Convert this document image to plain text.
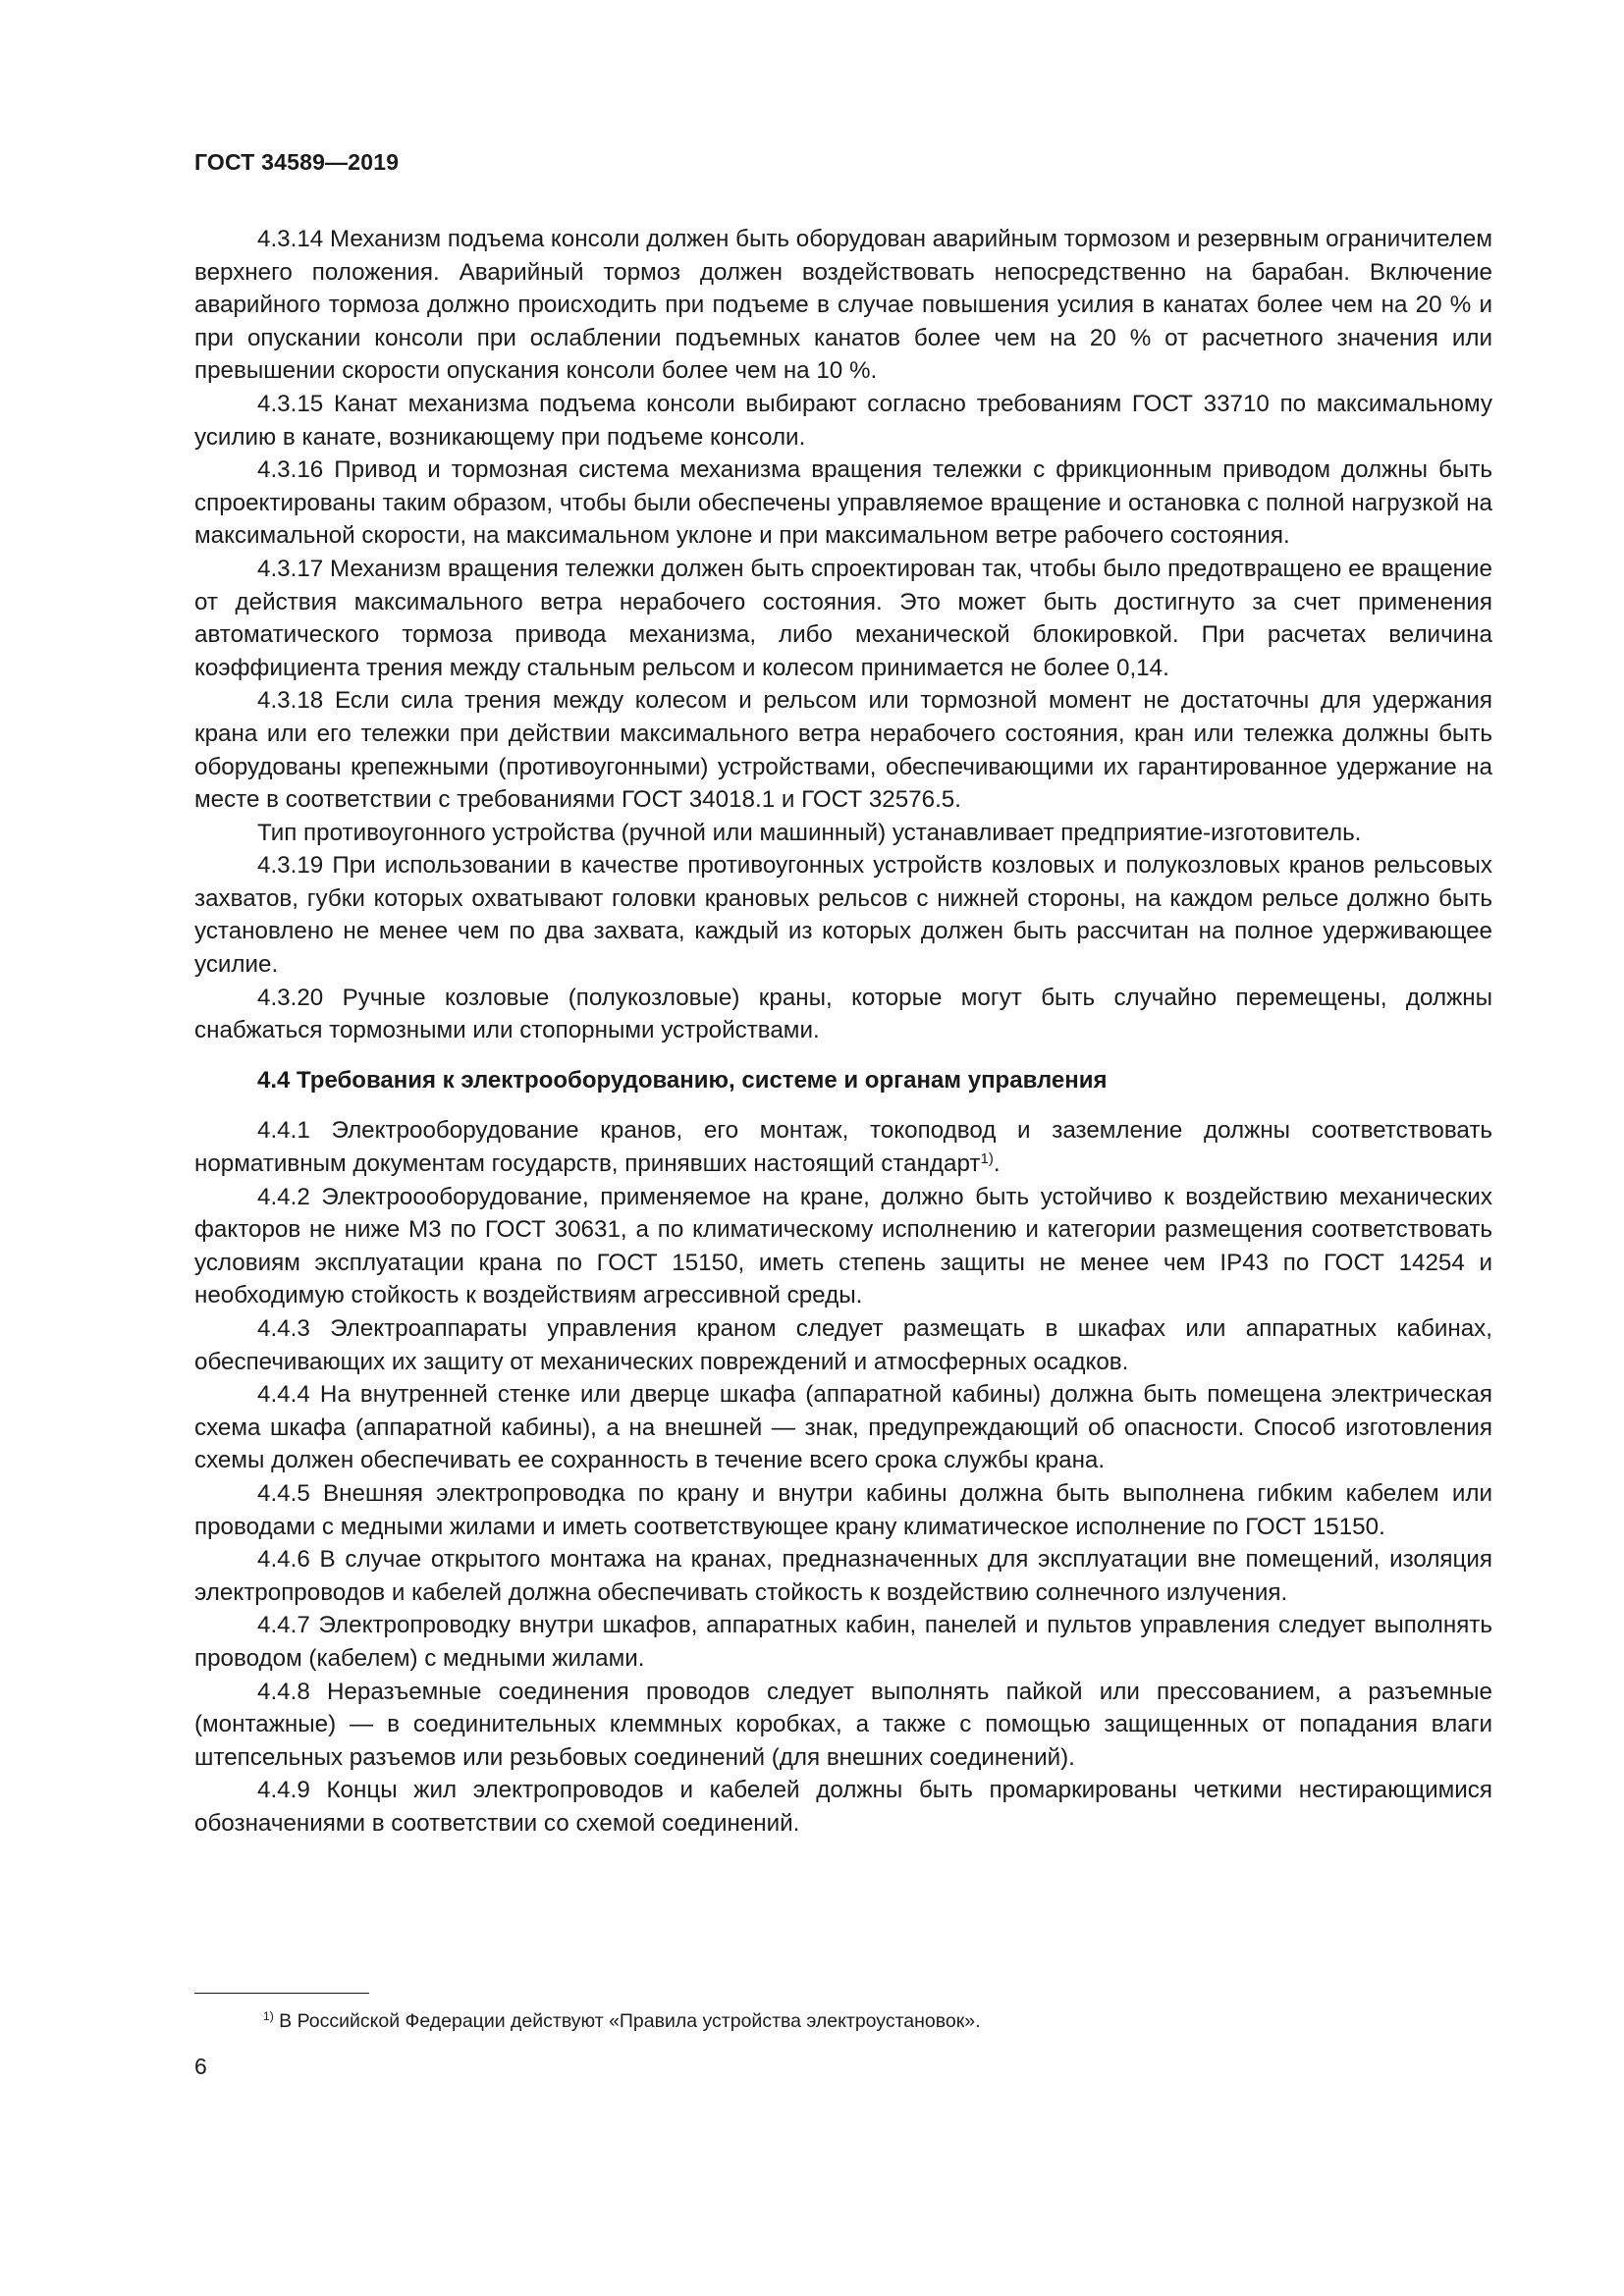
ГОСТ 34589—2019

4.3.14 Механизм подъема консоли должен быть оборудован аварийным тормозом и резервным ограничителем верхнего положения. Аварийный тормоз должен воздействовать непосредственно на барабан. Включение аварийного тормоза должно происходить при подъеме в случае повышения усилия в канатах более чем на 20 % и при опускании консоли при ослаблении подъемных канатов более чем на 20 % от расчетного значения или превышении скорости опускания консоли более чем на 10 %.

4.3.15 Канат механизма подъема консоли выбирают согласно требованиям ГОСТ 33710 по максимальному усилию в канате, возникающему при подъеме консоли.

4.3.16 Привод и тормозная система механизма вращения тележки с фрикционным приводом должны быть спроектированы таким образом, чтобы были обеспечены управляемое вращение и остановка с полной нагрузкой на максимальной скорости, на максимальном уклоне и при максимальном ветре рабочего состояния.

4.3.17 Механизм вращения тележки должен быть спроектирован так, чтобы было предотвращено ее вращение от действия максимального ветра нерабочего состояния. Это может быть достигнуто за счет применения автоматического тормоза привода механизма, либо механической блокировкой. При расчетах величина коэффициента трения между стальным рельсом и колесом принимается не более 0,14.

4.3.18 Если сила трения между колесом и рельсом или тормозной момент не достаточны для удержания крана или его тележки при действии максимального ветра нерабочего состояния, кран или тележка должны быть оборудованы крепежными (противоугонными) устройствами, обеспечивающими их гарантированное удержание на месте в соответствии с требованиями ГОСТ 34018.1 и ГОСТ 32576.5.

Тип противоугонного устройства (ручной или машинный) устанавливает предприятие-изготовитель.

4.3.19 При использовании в качестве противоугонных устройств козловых и полукозловых кранов рельсовых захватов, губки которых охватывают головки крановых рельсов с нижней стороны, на каждом рельсе должно быть установлено не менее чем по два захвата, каждый из которых должен быть рассчитан на полное удерживающее усилие.

4.3.20 Ручные козловые (полукозловые) краны, которые могут быть случайно перемещены, должны снабжаться тормозными или стопорными устройствами.

4.4 Требования к электрооборудованию, системе и органам управления

4.4.1 Электрооборудование кранов, его монтаж, токоподвод и заземление должны соответствовать нормативным документам государств, принявших настоящий стандарт$^{1)}$.

4.4.2 Электроооборудование, применяемое на кране, должно быть устойчиво к воздействию механических факторов не ниже М3 по ГОСТ 30631, а по климатическому исполнению и категории размещения соответствовать условиям эксплуатации крана по ГОСТ 15150, иметь степень защиты не менее чем IP43 по ГОСТ 14254 и необходимую стойкость к воздействиям агрессивной среды.

4.4.3 Электроаппараты управления краном следует размещать в шкафах или аппаратных кабинах, обеспечивающих их защиту от механических повреждений и атмосферных осадков.

4.4.4 На внутренней стенке или дверце шкафа (аппаратной кабины) должна быть помещена электрическая схема шкафа (аппаратной кабины), а на внешней — знак, предупреждающий об опасности. Способ изготовления схемы должен обеспечивать ее сохранность в течение всего срока службы крана.

4.4.5 Внешняя электропроводка по крану и внутри кабины должна быть выполнена гибким кабелем или проводами с медными жилами и иметь соответствующее крану климатическое исполнение по ГОСТ 15150.

4.4.6 В случае открытого монтажа на кранах, предназначенных для эксплуатации вне помещений, изоляция электропроводов и кабелей должна обеспечивать стойкость к воздействию солнечного излучения.

4.4.7 Электропроводку внутри шкафов, аппаратных кабин, панелей и пультов управления следует выполнять проводом (кабелем) с медными жилами.

4.4.8 Неразъемные соединения проводов следует выполнять пайкой или прессованием, а разъемные (монтажные) — в соединительных клеммных коробках, а также с помощью защищенных от попадания влаги штепсельных разъемов или резьбовых соединений (для внешних соединений).

4.4.9 Концы жил электропроводов и кабелей должны быть промаркированы четкими нестирающимися обозначениями в соответствии со схемой соединений.

$^{1)}$ В Российской Федерации действуют «Правила устройства электроустановок».
6
